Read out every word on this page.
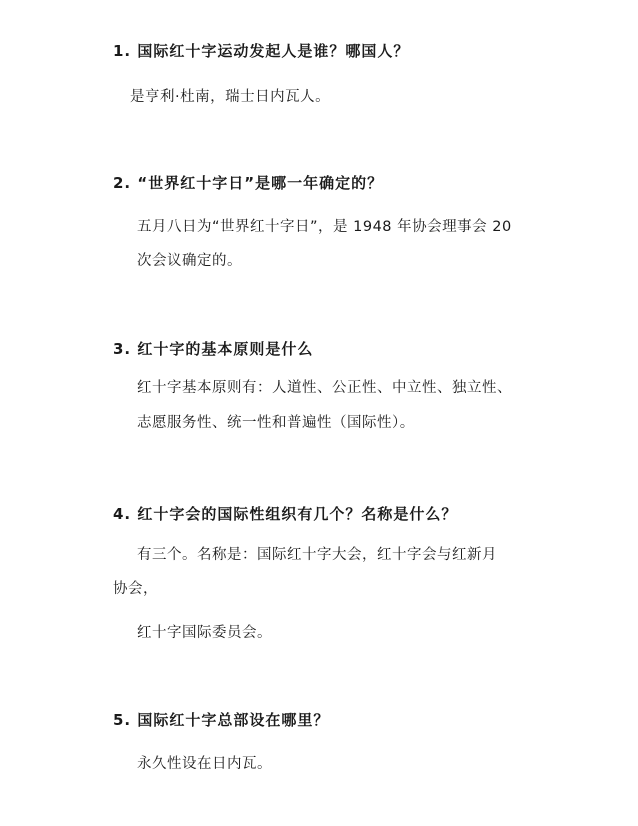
1. 国际红十字运动发起人是谁？哪国人？
是亨利·杜南，瑞士日内瓦人。
2. “世界红十字日”是哪一年确定的？
五月八日为“世界红十字日”，是 1948 年协会理事会 20
次会议确定的。
3. 红十字的基本原则是什么
红十字基本原则有：人道性、公正性、中立性、独立性、
志愿服务性、统一性和普遍性（国际性）。
4. 红十字会的国际性组织有几个？名称是什么？
有三个。名称是：国际红十字大会，红十字会与红新月
协会，
红十字国际委员会。
5. 国际红十字总部设在哪里？
永久性设在日内瓦。
